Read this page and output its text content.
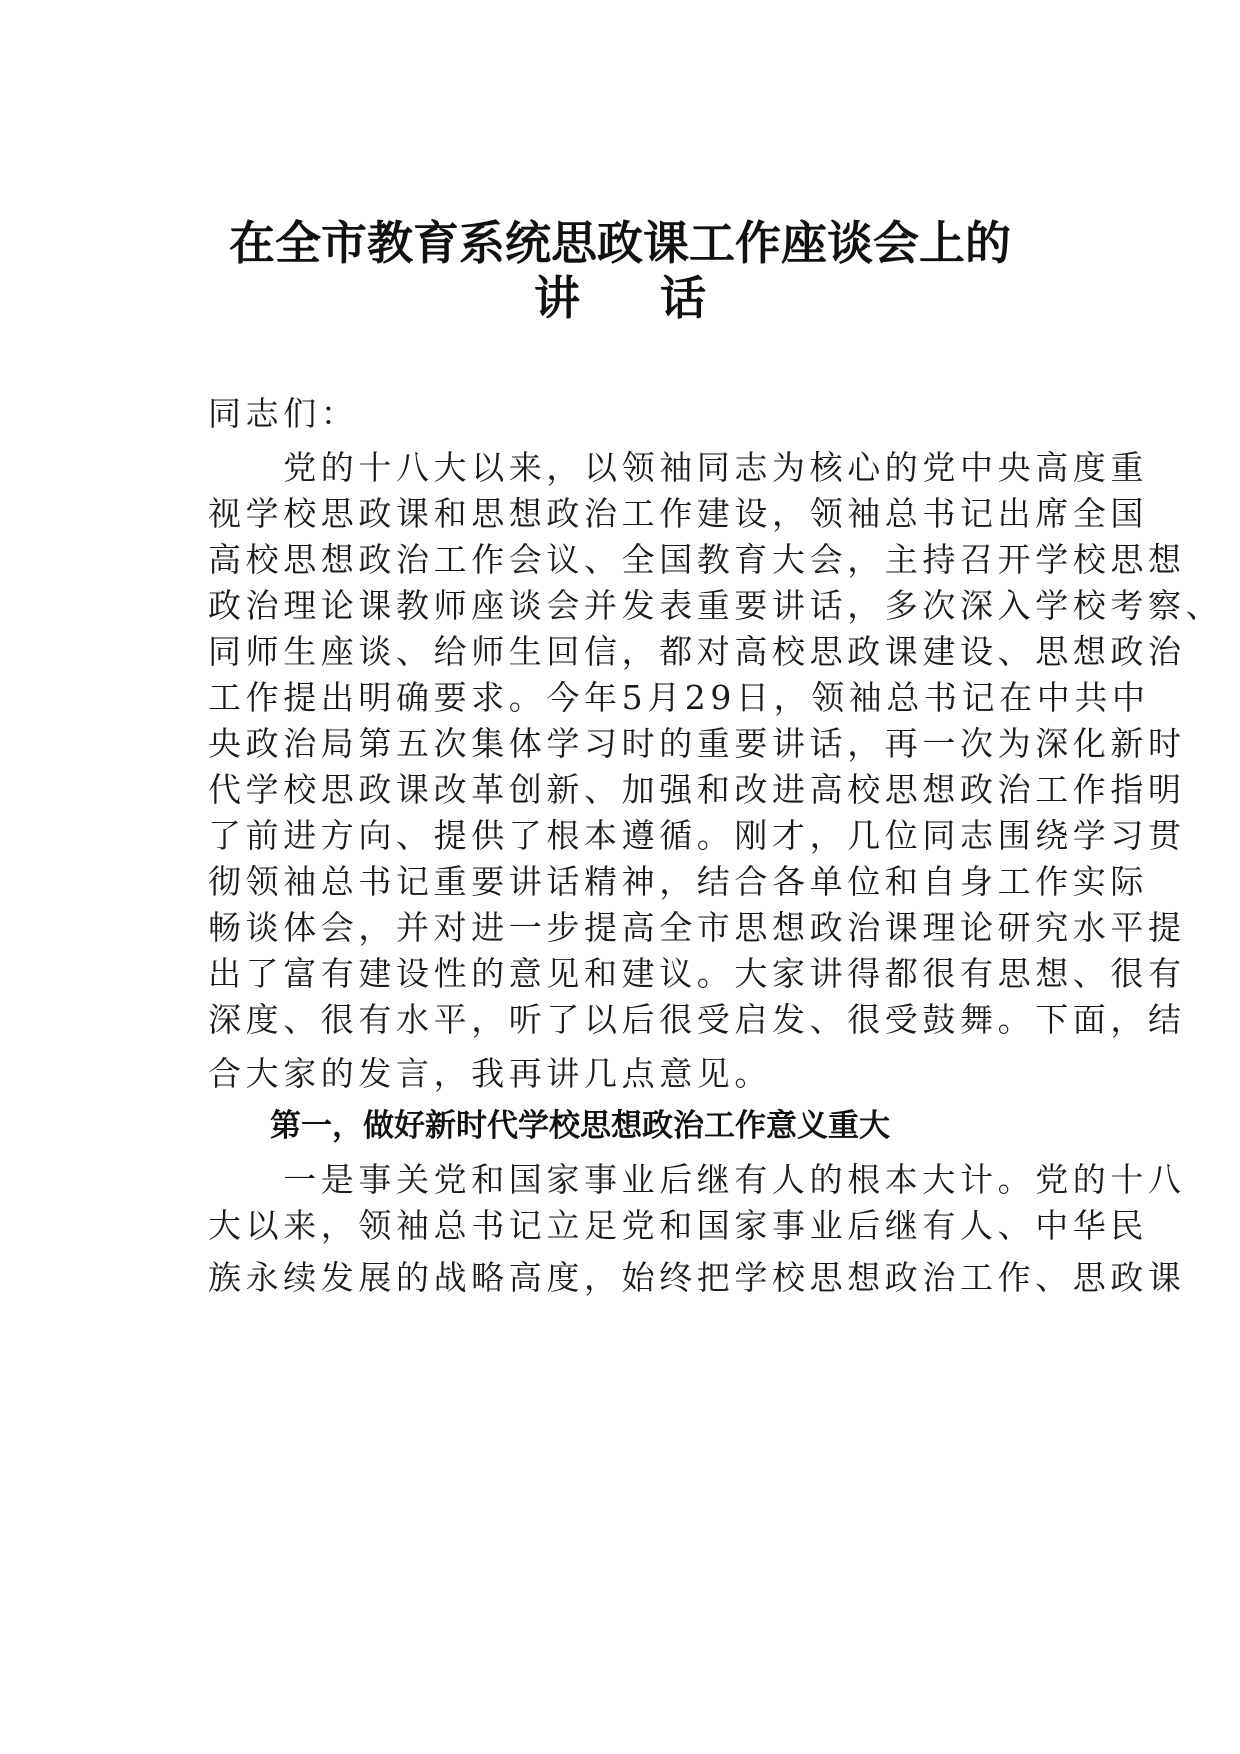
在全市教育系统思政课工作座谈会上的
讲话
同志们：
　　党的十八大以来，以领袖同志为核心的党中央高度重
视学校思政课和思想政治工作建设，领袖总书记出席全国
高校思想政治工作会议、全国教育大会，主持召开学校思想
政治理论课教师座谈会并发表重要讲话，多次深入学校考察、
同师生座谈、给师生回信，都对高校思政课建设、思想政治
工作提出明确要求。今年5月29日，领袖总书记在中共中
央政治局第五次集体学习时的重要讲话，再一次为深化新时
代学校思政课改革创新、加强和改进高校思想政治工作指明
了前进方向、提供了根本遵循。刚才，几位同志围绕学习贯
彻领袖总书记重要讲话精神，结合各单位和自身工作实际
畅谈体会，并对进一步提高全市思想政治课理论研究水平提
出了富有建设性的意见和建议。大家讲得都很有思想、很有
深度、很有水平，听了以后很受启发、很受鼓舞。下面，结
合大家的发言，我再讲几点意见。
第一，做好新时代学校思想政治工作意义重大
　　一是事关党和国家事业后继有人的根本大计。党的十八
大以来，领袖总书记立足党和国家事业后继有人、中华民
族永续发展的战略高度，始终把学校思想政治工作、思政课
